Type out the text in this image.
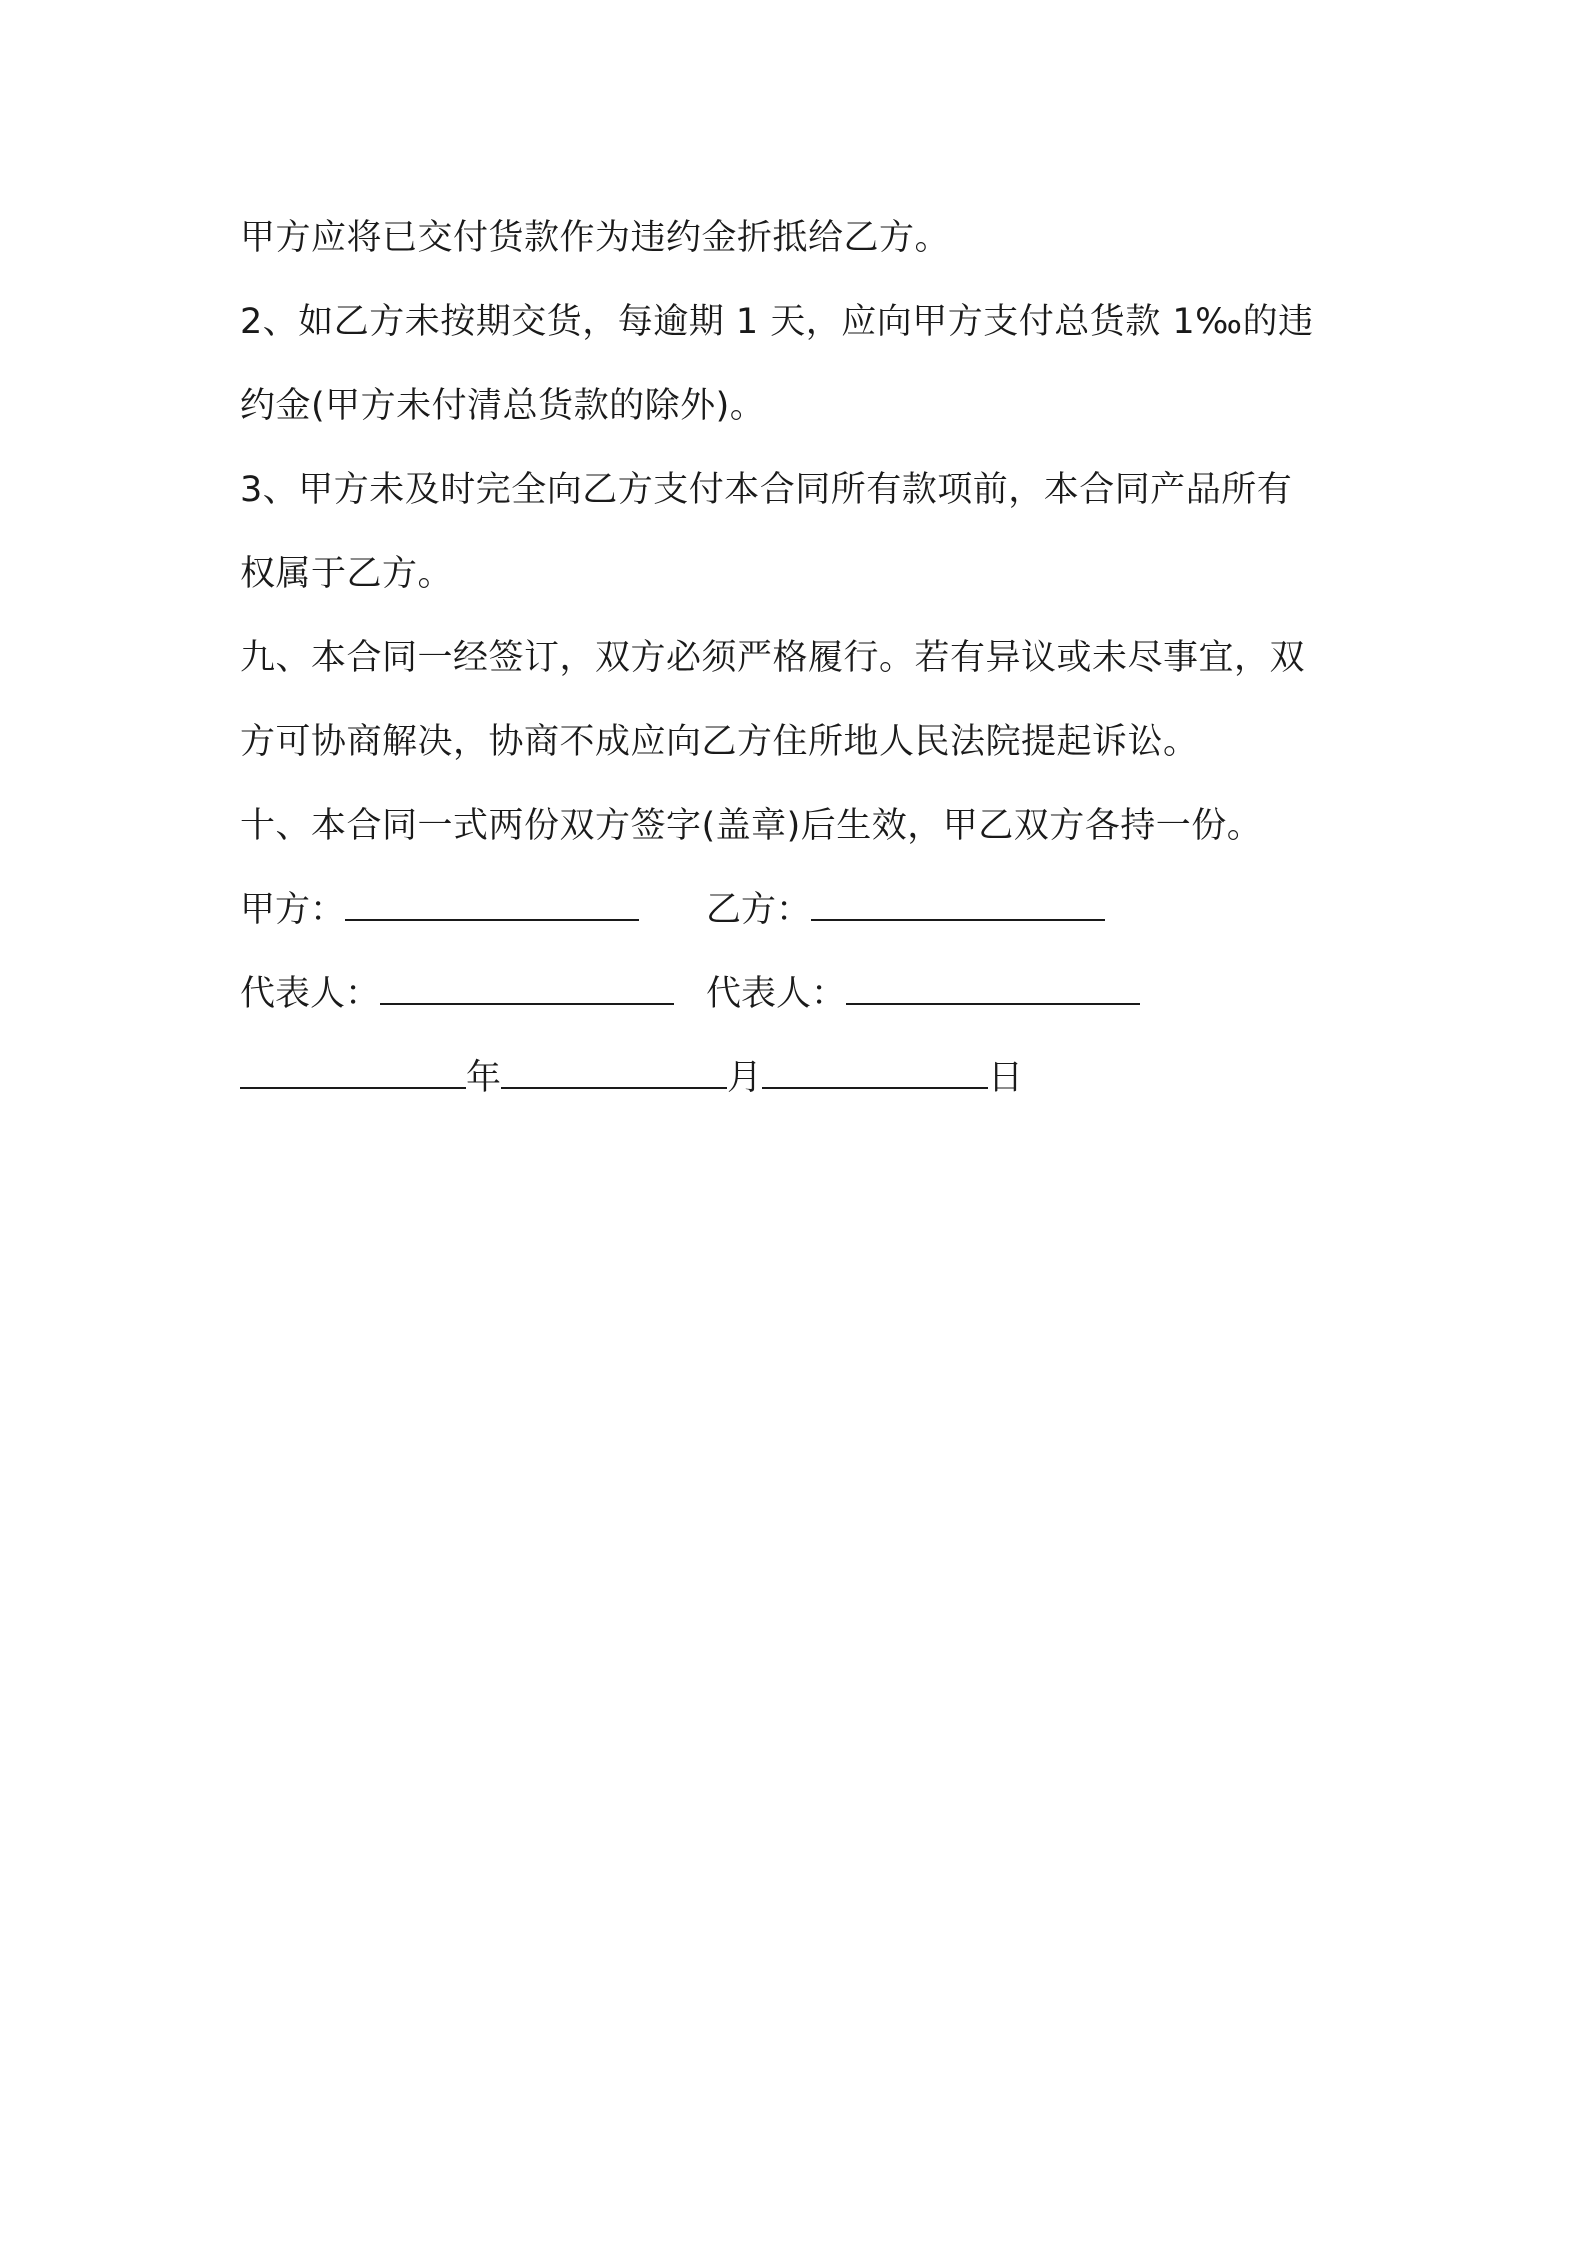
甲方应将已交付货款作为违约金折抵给乙方。
2、如乙方未按期交货，每逾期 1 天，应向甲方支付总货款 1‰的违
约金(甲方未付清总货款的除外)。
3、甲方未及时完全向乙方支付本合同所有款项前，本合同产品所有
权属于乙方。
九、本合同一经签订，双方必须严格履行。若有异议或未尽事宜，双
方可协商解决，协商不成应向乙方住所地人民法院提起诉讼。
十、本合同一式两份双方签字(盖章)后生效，甲乙双方各持一份。
甲方：	乙方：
代表人：	代表人：
年	月	日
